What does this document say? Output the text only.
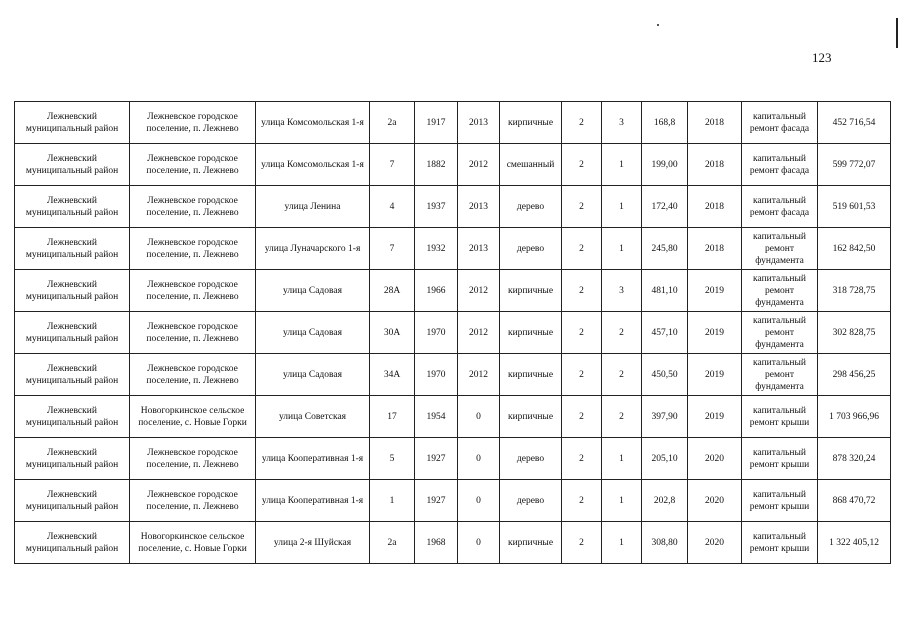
123
Лежневский муниципальный район	Лежневское городское поселение, п. Лежнево	улица Комсомольская 1-я	2а	1917	2013	кирпичные	2	3	168,8	2018	капитальный ремонт фасада	452 716,54
Лежневский муниципальный район	Лежневское городское поселение, п. Лежнево	улица Комсомольская 1-я	7	1882	2012	смешанный	2	1	199,00	2018	капитальный ремонт фасада	599 772,07
Лежневский муниципальный район	Лежневское городское поселение, п. Лежнево	улица Ленина	4	1937	2013	дерево	2	1	172,40	2018	капитальный ремонт фасада	519 601,53
Лежневский муниципальный район	Лежневское городское поселение, п. Лежнево	улица Луначарского 1-я	7	1932	2013	дерево	2	1	245,80	2018	капитальный ремонт фундамента	162 842,50
Лежневский муниципальный район	Лежневское городское поселение, п. Лежнево	улица Садовая	28А	1966	2012	кирпичные	2	3	481,10	2019	капитальный ремонт фундамента	318 728,75
Лежневский муниципальный район	Лежневское городское поселение, п. Лежнево	улица Садовая	30А	1970	2012	кирпичные	2	2	457,10	2019	капитальный ремонт фундамента	302 828,75
Лежневский муниципальный район	Лежневское городское поселение, п. Лежнево	улица Садовая	34А	1970	2012	кирпичные	2	2	450,50	2019	капитальный ремонт фундамента	298 456,25
Лежневский муниципальный район	Новогоркинское сельское поселение, с. Новые Горки	улица Советская	17	1954	0	кирпичные	2	2	397,90	2019	капитальный ремонт крыши	1 703 966,96
Лежневский муниципальный район	Лежневское городское поселение, п. Лежнево	улица Кооперативная 1-я	5	1927	0	дерево	2	1	205,10	2020	капитальный ремонт крыши	878 320,24
Лежневский муниципальный район	Лежневское городское поселение, п. Лежнево	улица Кооперативная 1-я	1	1927	0	дерево	2	1	202,8	2020	капитальный ремонт крыши	868 470,72
Лежневский муниципальный район	Новогоркинское сельское поселение, с. Новые Горки	улица 2-я Шуйская	2а	1968	0	кирпичные	2	1	308,80	2020	капитальный ремонт крыши	1 322 405,12
